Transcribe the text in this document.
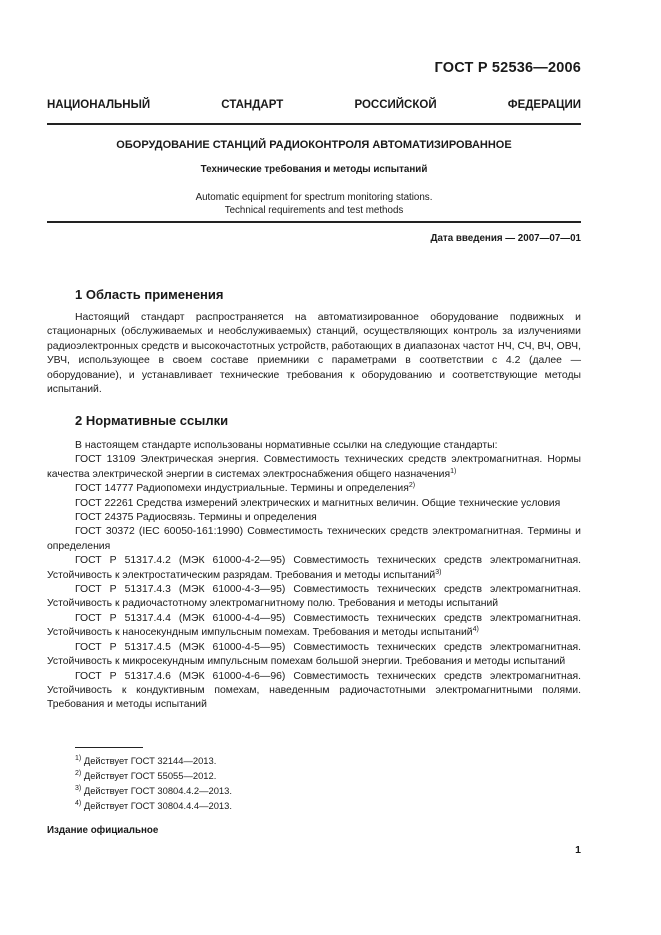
ГОСТ Р 52536—2006
НАЦИОНАЛЬНЫЙ СТАНДАРТ РОССИЙСКОЙ ФЕДЕРАЦИИ
ОБОРУДОВАНИЕ СТАНЦИЙ РАДИОКОНТРОЛЯ АВТОМАТИЗИРОВАННОЕ
Технические требования и методы испытаний
Automatic equipment for spectrum monitoring stations.
Technical requirements and test methods
Дата введения — 2007—07—01
1 Область применения

Настоящий стандарт распространяется на автоматизированное оборудование подвижных и стационарных (обслуживаемых и необслуживаемых) станций, осуществляющих контроль за излучениями радиоэлектронных средств и высокочастотных устройств, работающих в диапазонах частот НЧ, СЧ, ВЧ, ОВЧ, УВЧ, использующее в своем составе приемники с параметрами в соответствии с 4.2 (далее — оборудование), и устанавливает технические требования к оборудованию и соответствующие методы испытаний.

2 Нормативные ссылки

В настоящем стандарте использованы нормативные ссылки на следующие стандарты:

ГОСТ 13109 Электрическая энергия. Совместимость технических средств электромагнитная. Нормы качества электрической энергии в системах электроснабжения общего назначения$^{1)}$

ГОСТ 14777 Радиопомехи индустриальные. Термины и определения$^{2)}$

ГОСТ 22261 Средства измерений электрических и магнитных величин. Общие технические условия

ГОСТ 24375 Радиосвязь. Термины и определения

ГОСТ 30372 (IEC 60050-161:1990) Совместимость технических средств электромагнитная. Термины и определения

ГОСТ Р 51317.4.2 (МЭК 61000-4-2—95) Совместимость технических средств электромагнитная. Устойчивость к электростатическим разрядам. Требования и методы испытаний$^{3)}$

ГОСТ Р 51317.4.3 (МЭК 61000-4-3—95) Совместимость технических средств электромагнитная. Устойчивость к радиочастотному электромагнитному полю. Требования и методы испытаний

ГОСТ Р 51317.4.4 (МЭК 61000-4-4—95) Совместимость технических средств электромагнитная. Устойчивость к наносекундным импульсным помехам. Требования и методы испытаний$^{4)}$

ГОСТ Р 51317.4.5 (МЭК 61000-4-5—95) Совместимость технических средств электромагнитная. Устойчивость к микросекундным импульсным помехам большой энергии. Требования и методы испытаний

ГОСТ Р 51317.4.6 (МЭК 61000-4-6—96) Совместимость технических средств электромагнитная. Устойчивость к кондуктивным помехам, наведенным радиочастотными электромагнитными полями. Требования и методы испытаний

$^{1)}$ Действует ГОСТ 32144—2013.
$^{2)}$ Действует ГОСТ 55055—2012.
$^{3)}$ Действует ГОСТ 30804.4.2—2013.
$^{4)}$ Действует ГОСТ 30804.4.4—2013.
Издание официальное
1
